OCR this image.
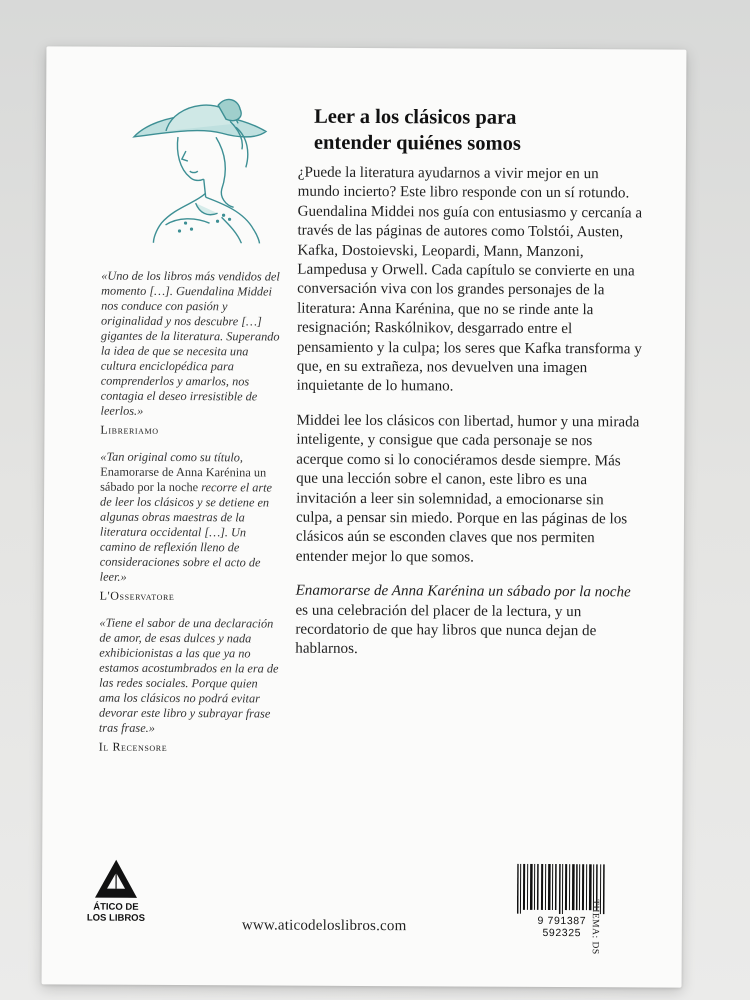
«Uno de los libros más vendidos del momento […]. Guendalina Middei nos conduce con pasión y originalidad y nos descubre […] gigantes de la literatura. Superando la idea de que se necesita una cultura enciclopédica para comprenderlos y amarlos, nos contagia el deseo irresistible de leerlos.»
Libreriamo
«Tan original como su título, Enamorarse de Anna Karénina un sábado por la noche recorre el arte de leer los clásicos y se detiene en algunas obras maestras de la literatura occidental […]. Un camino de reflexión lleno de consideraciones sobre el acto de leer.»
L'Osservatore
«Tiene el sabor de una declaración de amor, de esas dulces y nada exhibicionistas a las que ya no estamos acostumbrados en la era de las redes sociales. Porque quien ama los clásicos no podrá evitar devorar este libro y subrayar frase tras frase.»
Il Recensore
Leer a los clásicos para
entender quiénes somos

¿Puede la literatura ayudarnos a vivir mejor en un mundo incierto? Este libro responde con un sí rotundo. Guendalina Middei nos guía con entusiasmo y cercanía a través de las páginas de autores como Tolstói, Austen, Kafka, Dostoievski, Leopardi, Mann, Manzoni, Lampedusa y Orwell. Cada capítulo se convierte en una conversación viva con los grandes personajes de la literatura: Anna Karénina, que no se rinde ante la resignación; Raskólnikov, desgarrado entre el pensamiento y la culpa; los seres que Kafka transforma y que, en su extrañeza, nos devuelven una imagen inquietante de lo humano.

Middei lee los clásicos con libertad, humor y una mirada inteligente, y consigue que cada personaje se nos acerque como si lo conociéramos desde siempre. Más que una lección sobre el canon, este libro es una invitación a leer sin solemnidad, a emocionarse sin culpa, a pensar sin miedo. Porque en las páginas de los clásicos aún se esconden claves que nos permiten entender mejor lo que somos.

Enamorarse de Anna Karénina un sábado por la noche es una celebración del placer de la lectura, y un recordatorio de que hay libros que nunca dejan de hablarnos.

ÁTICO DE
LOS LIBROS	www.aticodeloslibros.com	9 791387 592325 THEMA: DS
